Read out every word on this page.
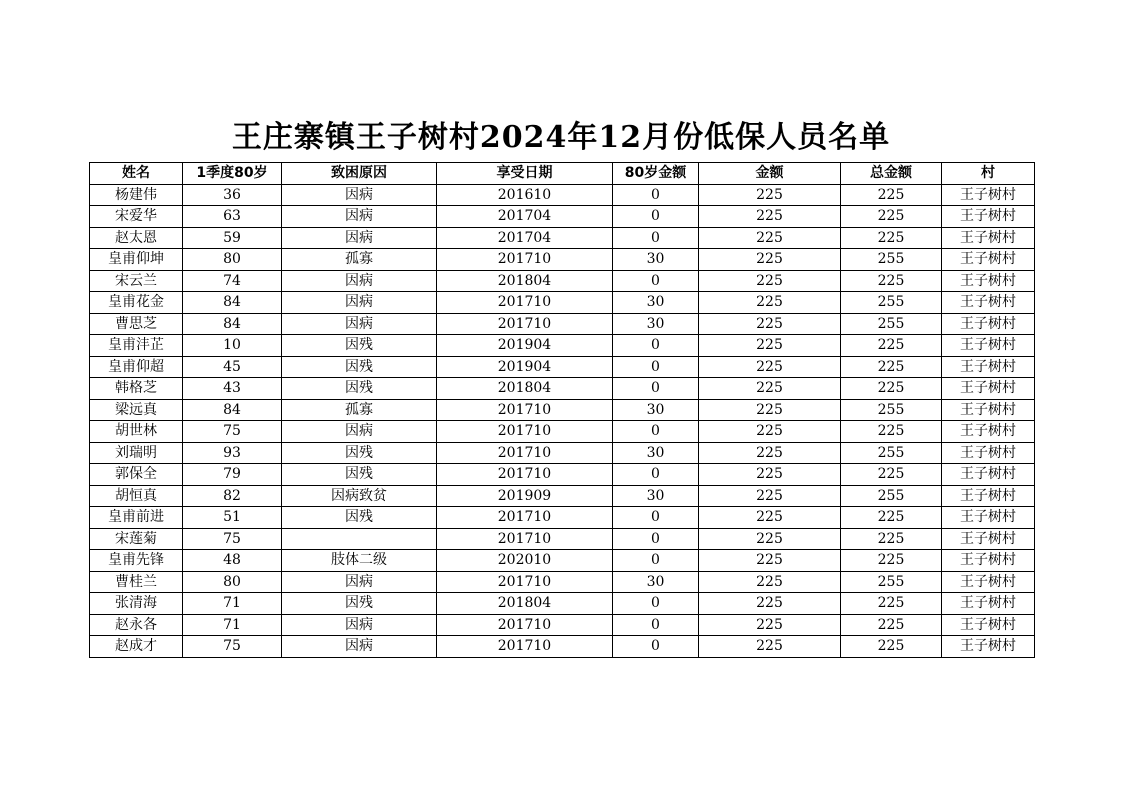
王庄寨镇王子树村2024年12月份低保人员名单
姓名	1季度80岁	致困原因	享受日期	80岁金额	金额	总金额	村
杨建伟	36	因病	201610	0	225	225	王子树村
宋爱华	63	因病	201704	0	225	225	王子树村
赵太恩	59	因病	201704	0	225	225	王子树村
皇甫仰坤	80	孤寡	201710	30	225	255	王子树村
宋云兰	74	因病	201804	0	225	225	王子树村
皇甫花金	84	因病	201710	30	225	255	王子树村
曹思芝	84	因病	201710	30	225	255	王子树村
皇甫沣芷	10	因残	201904	0	225	225	王子树村
皇甫仰超	45	因残	201904	0	225	225	王子树村
韩格芝	43	因残	201804	0	225	225	王子树村
梁远真	84	孤寡	201710	30	225	255	王子树村
胡世林	75	因病	201710	0	225	225	王子树村
刘瑞明	93	因残	201710	30	225	255	王子树村
郭保全	79	因残	201710	0	225	225	王子树村
胡恒真	82	因病致贫	201909	30	225	255	王子树村
皇甫前进	51	因残	201710	0	225	225	王子树村
宋莲菊	75		201710	0	225	225	王子树村
皇甫先锋	48	肢体二级	202010	0	225	225	王子树村
曹桂兰	80	因病	201710	30	225	255	王子树村
张清海	71	因残	201804	0	225	225	王子树村
赵永各	71	因病	201710	0	225	225	王子树村
赵成才	75	因病	201710	0	225	225	王子树村
